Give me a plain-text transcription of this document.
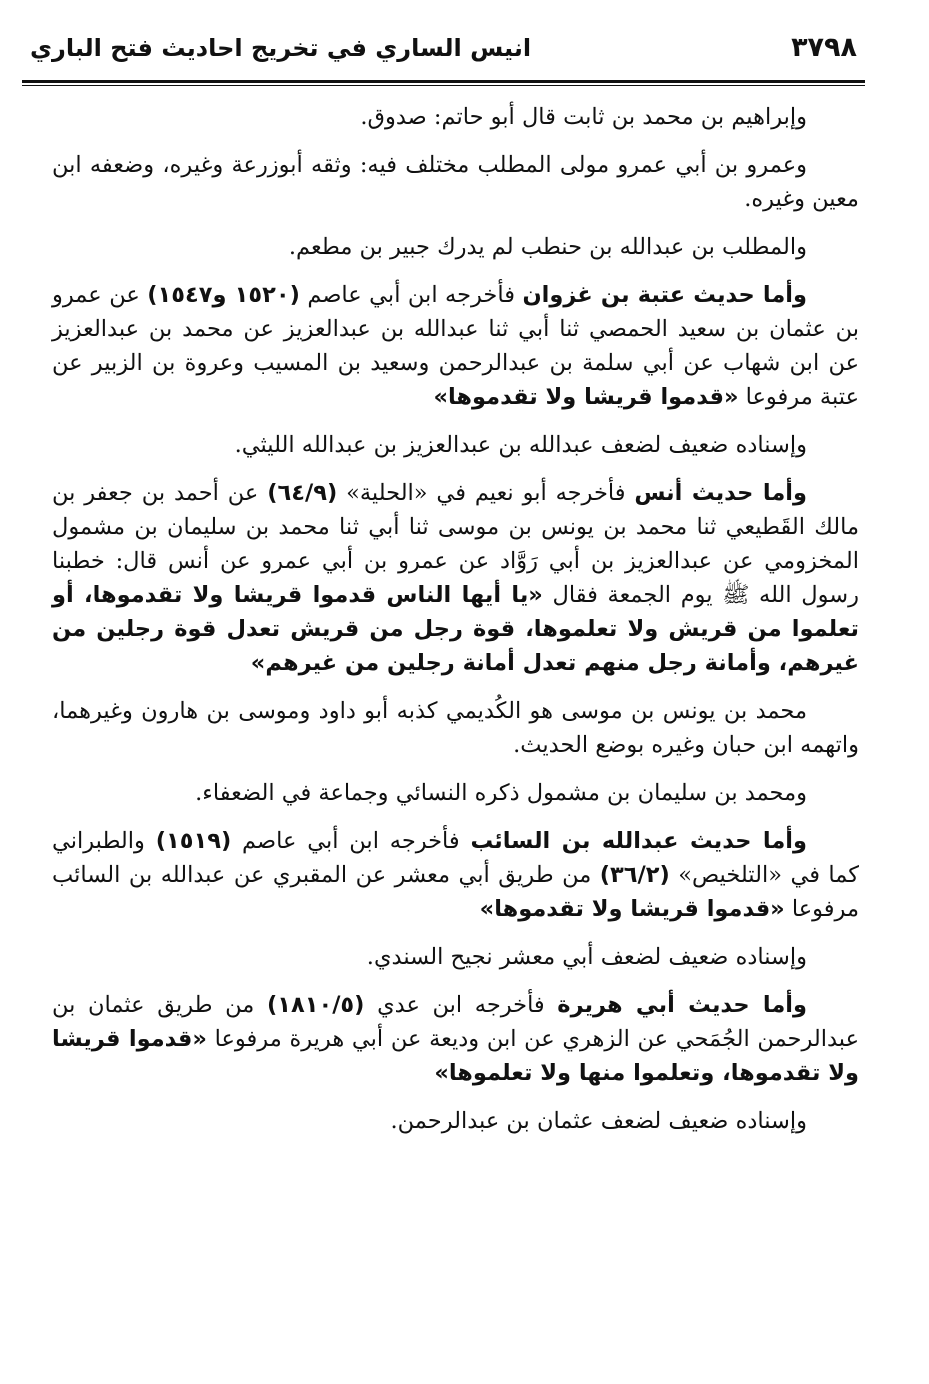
٣٧٩٨
انيس الساري في تخريج احاديث فتح الباري

وإبراهيم بن محمد بن ثابت قال أبو حاتم: صدوق.

وعمرو بن أبي عمرو مولى المطلب مختلف فيه: وثقه أبوزرعة وغيره، وضعفه ابن معين وغيره.

والمطلب بن عبدالله بن حنطب لم يدرك جبير بن مطعم.

وأما حديث عتبة بن غزوان فأخرجه ابن أبي عاصم (١٥٢٠ و١٥٤٧) عن عمرو بن عثمان بن سعيد الحمصي ثنا أبي ثنا عبدالله بن عبدالعزيز عن محمد بن عبدالعزيز عن ابن شهاب عن أبي سلمة بن عبدالرحمن وسعيد بن المسيب وعروة بن الزبير عن عتبة مرفوعا «قدموا قريشا ولا تقدموها»

وإسناده ضعيف لضعف عبدالله بن عبدالعزيز بن عبدالله الليثي.

وأما حديث أنس فأخرجه أبو نعيم في «الحلية» (٦٤/٩) عن أحمد بن جعفر بن مالك القَطيعي ثنا محمد بن يونس بن موسى ثنا أبي ثنا محمد بن سليمان بن مشمول المخزومي عن عبدالعزيز بن أبي رَوَّاد عن عمرو بن أبي عمرو عن أنس قال: خطبنا رسول الله ﷺ يوم الجمعة فقال «يا أيها الناس قدموا قريشا ولا تقدموها، أو تعلموا من قريش ولا تعلموها، قوة رجل من قريش تعدل قوة رجلين من غيرهم، وأمانة رجل منهم تعدل أمانة رجلين من غيرهم»

محمد بن يونس بن موسى هو الكُديمي كذبه أبو داود وموسى بن هارون وغيرهما، واتهمه ابن حبان وغيره بوضع الحديث.

ومحمد بن سليمان بن مشمول ذكره النسائي وجماعة في الضعفاء.

وأما حديث عبدالله بن السائب فأخرجه ابن أبي عاصم (١٥١٩) والطبراني كما في «التلخيص» (٣٦/٢) من طريق أبي معشر عن المقبري عن عبدالله بن السائب مرفوعا «قدموا قريشا ولا تقدموها»

وإسناده ضعيف لضعف أبي معشر نجيح السندي.

وأما حديث أبي هريرة فأخرجه ابن عدي (١٨١٠/٥) من طريق عثمان بن عبدالرحمن الجُمَحي عن الزهري عن ابن وديعة عن أبي هريرة مرفوعا «قدموا قريشا ولا تقدموها، وتعلموا منها ولا تعلموها»

وإسناده ضعيف لضعف عثمان بن عبدالرحمن.
